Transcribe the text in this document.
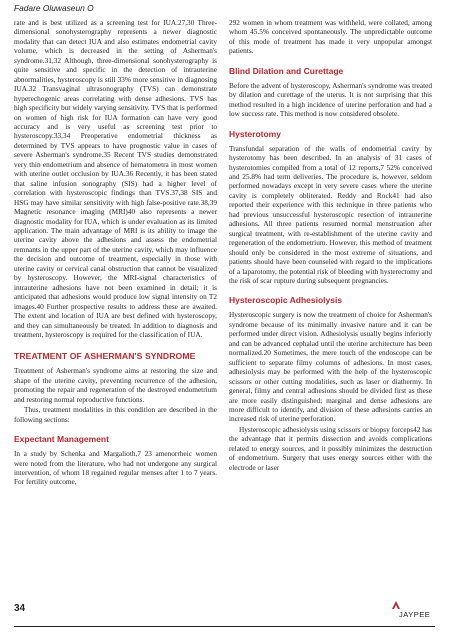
Fadare Oluwaseun O

rate and is best utilized as a screening test for IUA.27,30 Three-dimensional sonohysterography represents a newer diagnostic modality that can detect IUA and also estimates endometrial cavity volume, which is decreased in the setting of Asherman's syndrome.31,32 Although, three-dimensional sonohysterography is quite sensitive and specific in the detection of intrauterine abnormalities, hysteroscopy is still 33% more sensitive in diagnosing IUA.32 Transvaginal ultrasonography (TVS) can demonstrate hyperechogenic areas correlating with dense adhesions. TVS has high specificity but widely varying sensitivity. TVS that is performed on women of high risk for IUA formation can have very good accuracy and is very useful as screening test prior to hysteroscopy.33,34 Preoperative endometrial thickness as determined by TVS appears to have prognostic value in cases of severe Asherman's syndrome.35 Recent TVS studies demonstrated very thin endometrium and absence of hematometra in most women with uterine outlet occlusion by IUA.36 Recently, it has been stated that saline infusion sonography (SIS) had a higher level of correlation with hysteroscopic findings than TVS.37,38 SIS and HSG may have similar sensitivity with high false-positive rate.38,39 Magnetic resonance imaging (MRI)40 also represents a newer diagnostic modality for IUA, which is under evaluation as its limited application. The main advantage of MRI is its ability to image the uterine cavity above the adhesions and assess the endometrial remnants in the upper part of the uterine cavity, which may influence the decision and outcome of treatment, especially in those with uterine cavity or cervical canal obstruction that cannot be visualized by hysteroscopy. However, the MRI-signal characteristics of intrauterine adhesions have not been examined in detail; it is anticipated that adhesions would produce low signal intensity on T2 images.40 Further prospective results to address these are awaited. The extent and location of IUA are best defined with hysteroscopy, and they can simultaneously be treated. In addition to diagnosis and treatment, hysteroscopy is required for the classification of IUA.

TREATMENT OF ASHERMAN'S SYNDROME

Treatment of Asherman's syndrome aims at restoring the size and shape of the uterine cavity, preventing recurrence of the adhesion, promoting the repair and regeneration of the destroyed endometrium and restoring normal reproductive functions.

Thus, treatment modalities in this condition are described in the following sections:

Expectant Management

In a study by Schenka and Margalioth,7 23 amenorrheic women were noted from the literature, who had not undergone any surgical intervention, of whom 18 regained regular menses after 1 to 7 years. For fertility outcome,

292 women in whom treatment was withheld, were collated, among whom 45.5% conceived spontaneously. The unpredictable outcome of this mode of treatment has made it very unpopular amongst patients.

Blind Dilation and Curettage

Before the advent of hysteroscopy, Asherman's syndrome was treated by dilation and curettage of the uterus. It is not surprising that this method resulted in a high incidence of uterine perforation and had a low success rate. This method is now considered obsolete.

Hysterotomy

Transfundal separation of the walls of endometrial cavity by hysterotomy has been described. In an analysis of 31 cases of hysterotomies compiled from a total of 12 reports,7 52% conceived and 25.8% had term deliveries. The procedure is, however, seldom performed nowadays except in very severe cases where the uterine cavity is completely obliterated. Reddy and Rock41 had also reported their experience with this technique in three patients who had previous unsuccessful hysteroscopic resection of intrauterine adhesions. All three patients resumed normal menstruation after surgical treatment, with re-establishment of the uterine cavity and regeneration of the endometrium. However, this method of treatment should only be considered in the most extreme of situations, and patients should have been counseled with regard to the implications of a laparotomy, the potential risk of bleeding with hysterectomy and the risk of scar rupture during subsequent pregnancies.

Hysteroscopic Adhesiolysis

Hysteroscopic surgery is now the treatment of choice for Asherman's syndrome because of its minimally invasive nature and it can be performed under direct vision. Adhesiolysis usually begins inferiorly and can be advanced cephalad until the uterine architecture has been normalized.20 Sometimes, the mere touch of the endoscope can be sufficient to separate filmy columns of adhesions. In most cases, adhesiolysis may be performed with the help of the hysteroscopic scissors or other cutting modalities, such as laser or diathermy. In general, filmy and central adhesions should be divided first as these are more easily distinguished; marginal and dense adhesions are more difficult to identify, and division of these adhesions carries an increased risk of uterine perforation.

Hysteroscopic adhesiolysis using scissors or biopsy forceps42 has the advantage that it permits dissection and avoids complications related to energy sources, and it possibly minimizes the destruction of endometrium. Surgery that uses energy sources either with the electrode or laser

34
JAYPEE
